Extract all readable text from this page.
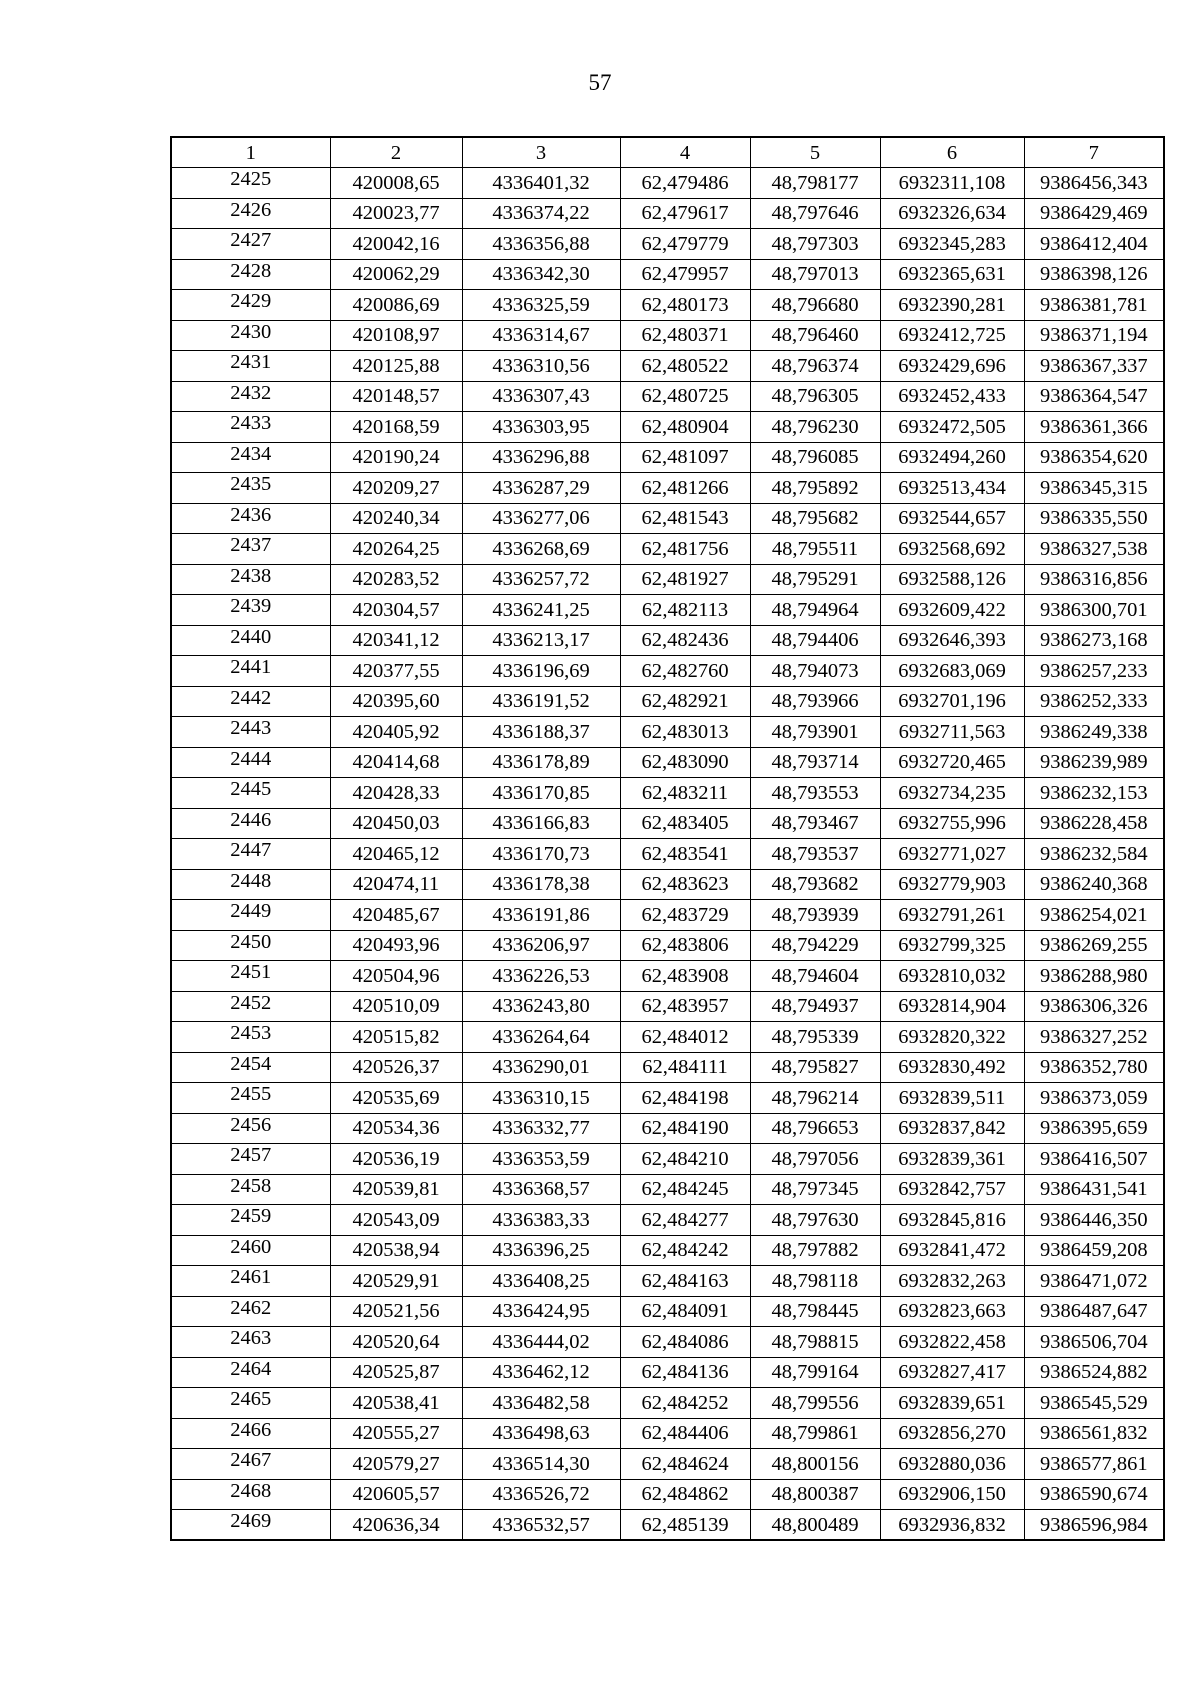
57
1	2	3	4	5	6	7
2425	420008,65	4336401,32	62,479486	48,798177	6932311,108	9386456,343
2426	420023,77	4336374,22	62,479617	48,797646	6932326,634	9386429,469
2427	420042,16	4336356,88	62,479779	48,797303	6932345,283	9386412,404
2428	420062,29	4336342,30	62,479957	48,797013	6932365,631	9386398,126
2429	420086,69	4336325,59	62,480173	48,796680	6932390,281	9386381,781
2430	420108,97	4336314,67	62,480371	48,796460	6932412,725	9386371,194
2431	420125,88	4336310,56	62,480522	48,796374	6932429,696	9386367,337
2432	420148,57	4336307,43	62,480725	48,796305	6932452,433	9386364,547
2433	420168,59	4336303,95	62,480904	48,796230	6932472,505	9386361,366
2434	420190,24	4336296,88	62,481097	48,796085	6932494,260	9386354,620
2435	420209,27	4336287,29	62,481266	48,795892	6932513,434	9386345,315
2436	420240,34	4336277,06	62,481543	48,795682	6932544,657	9386335,550
2437	420264,25	4336268,69	62,481756	48,795511	6932568,692	9386327,538
2438	420283,52	4336257,72	62,481927	48,795291	6932588,126	9386316,856
2439	420304,57	4336241,25	62,482113	48,794964	6932609,422	9386300,701
2440	420341,12	4336213,17	62,482436	48,794406	6932646,393	9386273,168
2441	420377,55	4336196,69	62,482760	48,794073	6932683,069	9386257,233
2442	420395,60	4336191,52	62,482921	48,793966	6932701,196	9386252,333
2443	420405,92	4336188,37	62,483013	48,793901	6932711,563	9386249,338
2444	420414,68	4336178,89	62,483090	48,793714	6932720,465	9386239,989
2445	420428,33	4336170,85	62,483211	48,793553	6932734,235	9386232,153
2446	420450,03	4336166,83	62,483405	48,793467	6932755,996	9386228,458
2447	420465,12	4336170,73	62,483541	48,793537	6932771,027	9386232,584
2448	420474,11	4336178,38	62,483623	48,793682	6932779,903	9386240,368
2449	420485,67	4336191,86	62,483729	48,793939	6932791,261	9386254,021
2450	420493,96	4336206,97	62,483806	48,794229	6932799,325	9386269,255
2451	420504,96	4336226,53	62,483908	48,794604	6932810,032	9386288,980
2452	420510,09	4336243,80	62,483957	48,794937	6932814,904	9386306,326
2453	420515,82	4336264,64	62,484012	48,795339	6932820,322	9386327,252
2454	420526,37	4336290,01	62,484111	48,795827	6932830,492	9386352,780
2455	420535,69	4336310,15	62,484198	48,796214	6932839,511	9386373,059
2456	420534,36	4336332,77	62,484190	48,796653	6932837,842	9386395,659
2457	420536,19	4336353,59	62,484210	48,797056	6932839,361	9386416,507
2458	420539,81	4336368,57	62,484245	48,797345	6932842,757	9386431,541
2459	420543,09	4336383,33	62,484277	48,797630	6932845,816	9386446,350
2460	420538,94	4336396,25	62,484242	48,797882	6932841,472	9386459,208
2461	420529,91	4336408,25	62,484163	48,798118	6932832,263	9386471,072
2462	420521,56	4336424,95	62,484091	48,798445	6932823,663	9386487,647
2463	420520,64	4336444,02	62,484086	48,798815	6932822,458	9386506,704
2464	420525,87	4336462,12	62,484136	48,799164	6932827,417	9386524,882
2465	420538,41	4336482,58	62,484252	48,799556	6932839,651	9386545,529
2466	420555,27	4336498,63	62,484406	48,799861	6932856,270	9386561,832
2467	420579,27	4336514,30	62,484624	48,800156	6932880,036	9386577,861
2468	420605,57	4336526,72	62,484862	48,800387	6932906,150	9386590,674
2469	420636,34	4336532,57	62,485139	48,800489	6932936,832	9386596,984
